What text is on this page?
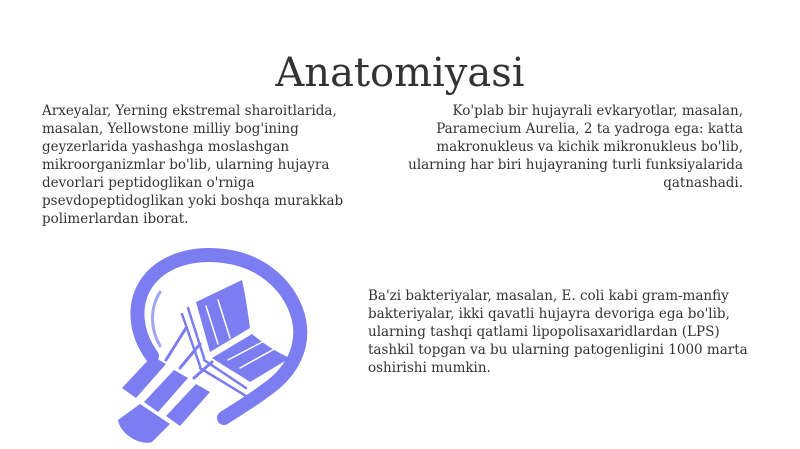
Anatomiyasi

Arxeyalar, Yerning ekstremal sharoitlarida, masalan, Yellowstone milliy bog'ining geyzerlarida yashashga moslashgan mikroorganizmlar bo'lib, ularning hujayra devorlari peptidoglikan o'rniga psevdopeptidoglikan yoki boshqa murakkab polimerlardan iborat.

Ko'plab bir hujayrali evkaryotlar, masalan, Paramecium Aurelia, 2 ta yadroga ega: katta makronukleus va kichik mikronukleus bo'lib, ularning har biri hujayraning turli funksiyalarida qatnashadi.

Ba'zi bakteriyalar, masalan, E. coli kabi gram-manfiy bakteriyalar, ikki qavatli hujayra devoriga ega bo'lib, ularning tashqi qatlami lipopolisaxaridlardan (LPS) tashkil topgan va bu ularning patogenligini 1000 marta oshirishi mumkin.
